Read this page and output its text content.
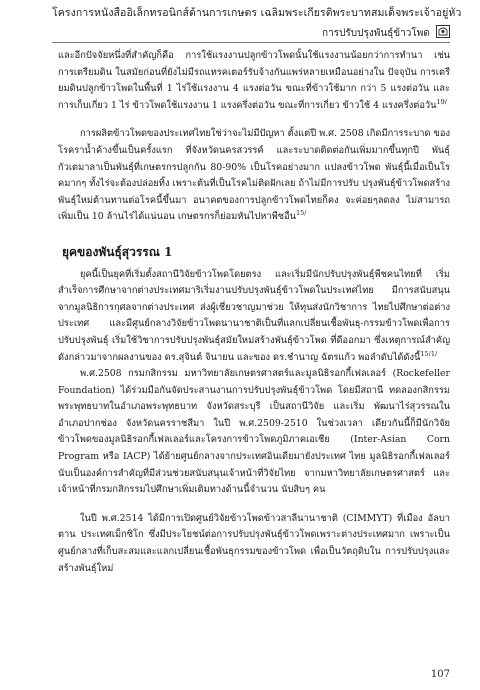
โครงการหนังสืออิเล็กทรอนิกส์ด้านการเกษตร เฉลิมพระเกียรติพระบาทสมเด็จพระเจ้าอยู่หัว
การปรับปรุงพันธุ์ข้าวโพด

และอีกปัจจัยหนึ่งที่สำคัญก็คือ การใช้แรงงานปลูกข้าวโพดนั้นใช้แรงงานน้อยกว่าการทำนา เช่นการเตรียมดิน ในสมัยก่อนที่ยังไม่มีรถแทรคเตอร์รับจ้างกันแพร่หลายเหมือนอย่างใน ปัจจุบัน การเตรียมดินปลูกข้าวโพดในพื้นที่ 1 ไร่ใช้แรงงาน 4 แรงต่อวัน ขณะที่ข้าวใช้มาก กว่า 5 แรงต่อวัน และการเก็บเกี่ยว 1 ไร่ ข้าวโพดใช้แรงงาน 1 แรงครึ่งต่อวัน ขณะที่การเกี่ยว ข้าวใช้ 4 แรงครึ่งต่อวัน$^{19/}$

การผลิตข้าวโพดของประเทศไทยใช่ว่าจะไม่มีปัญหา ตั้งแต่ปี พ.ศ. 2508 เกิดมีการระบาด ของโรคราน้ำค้างขึ้นเป็นครั้งแรก ที่จังหวัดนครสวรรค์ และระบาดติดต่อกันเพิ่มมากขึ้นทุกปี พันธุ์กัวเตมาลาเป็นพันธุ์ที่เกษตรกรปลูกกัน 80-90% เป็นโรคอย่างมาก แปลงข้าวโพด พันธุ์นี้เมื่อเป็นโรคมากๆ ทั้งไร่จะต้องปล่อยทิ้ง เพราะต้นที่เป็นโรคไม่ติดฝักเลย ถ้าไม่มีการปรับ ปรุงพันธุ์ข้าวโพดสร้างพันธุ์ใหม่ต้านทานต่อโรคนี้ขึ้นมา อนาคตของการปลูกข้าวโพดไทยก็คง จะค่อยๆลดลง ไม่สามารถเพิ่มเป็น 10 ล้านไร่ได้แน่นอน เกษตรกรก็ย่อมหันไปหาพืชอื่น$^{15/}$

ยุคของพันธุ์สุวรรณ 1

ยุคนี้เป็นยุคที่เริ่มตั้งสถานีวิจัยข้าวโพดโดยตรง และเริ่มมีนักปรับปรุงพันธุ์พืชคนไทยที่ เริ่มสำเร็จการศึกษาจากต่างประเทศมาริเริ่มงานปรับปรุงพันธุ์ข้าวโพดในประเทศไทย มีการสนับสนุนจากมูลนิธิการกุศลจากต่างประเทศ ส่งผู้เชี่ยวชาญมาช่วย ให้ทุนส่งนักวิชาการ ไทยไปศึกษาต่อต่างประเทศ และมีศูนย์กลางวิจัยข้าวโพดนานาชาติเป็นที่แลกเปลี่ยนเชื้อพันธุ-กรรมข้าวโพดเพื่อการปรับปรุงพันธุ์ เริ่มใช้วิชาการปรับปรุงพันธุ์สมัยใหม่สร้างพันธุ์ข้าวโพด ที่ดีออกมา ซึ่งเหตุการณ์สำคัญดังกล่าวมาจากผลงานของ ดร.สุจินต์ จินายน และของ ดร.ชำนาญ ฉัตรแก้ว พอลำดับได้ดังนี้$^{15/1/}$

พ.ศ.2508 กรมกสิกรรม มหาวิทยาลัยเกษตรศาสตร์และมูลนิธิรอกกี้เฟลเลอร์ (Rockefeller Foundation) ได้ร่วมมือกันจัดประสานงานการปรับปรุงพันธุ์ข้าวโพด โดยมีสถานี ทดลองกสิกรรมพระพุทธบาทในอำเภอพระพุทธบาท จังหวัดสระบุรี เป็นสถานีวิจัย และเริ่ม พัฒนาไร่สุวรรณในอำเภอปากช่อง จังหวัดนครราชสีมา ในปี พ.ศ.2509-2510 ในช่วงเวลา เดียวกันนี้ก็มีนักวิจัยข้าวโพดของมูลนิธิรอกกี้เฟลเลอร์และโครงการข้าวโพดภูมิภาคเอเชีย (Inter-Asian Corn Program หรือ IACP) ได้ย้ายศูนย์กลางจากประเทศอินเดียมายังประเทศ ไทย มูลนิธิรอกกี้เฟลเลอร์นับเป็นองค์การสำคัญที่มีส่วนช่วยสนับสนุนเจ้าหน้าที่วิจัยไทย จากมหาวิทยาลัยเกษตรศาสตร์ และเจ้าหน้าที่กรมกสิกรรมไปศึกษาเพิ่มเติมทางด้านนี้จำนวน นับสิบๆ คน

ในปี พ.ศ.2514 ได้มีการเปิดศูนย์วิจัยข้าวโพดข้าวสาลีนานาชาติ (CIMMYT) ที่เมือง อัลบาตาน ประเทศเม็กซิโก ซึ่งมีประโยชน์ต่อการปรับปรุงพันธุ์ข้าวโพดเพราะต่างประเทศมาก เพราะเป็นศูนย์กลางที่เก็บสะสมและแลกเปลี่ยนเชื้อพันธุกรรมของข้าวโพด เพื่อเป็นวัตถุดิบใน การปรับปรุงและสร้างพันธุ์ใหม่

107
